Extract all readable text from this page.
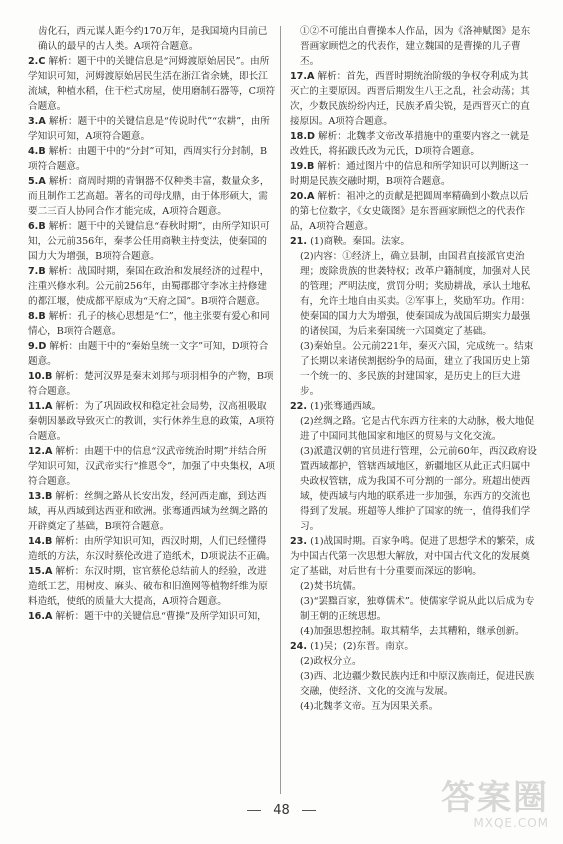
齿化石，西元谋人距今约170万年，是我国境内目前已确认的最早的古人类。A项符合题意。

2.C 解析：题干中的关键信息是“河姆渡原始居民”。由所学知识可知，河姆渡原始居民生活在浙江省余姚，即长江流域，种植水稻，住干栏式房屋，使用磨制石器等，C项符合题意。

3.A 解析：题干中的关键信息是“传说时代”“农耕”，由所学知识可知，A项符合题意。

4.B 解析：由题干中的“分封”可知，西周实行分封制，B项符合题意。

5.A 解析：商周时期的青铜器不仅种类丰富，数量众多，而且制作工艺高超。著名的司母戊鼎，由于体形硕大，需要二三百人协同合作才能完成，A项符合题意。

6.B 解析：题干中的关键信息“春秋时期”，由所学知识可知，公元前356年，秦孝公任用商鞅主持变法，使秦国的国力大为增强，B项符合题意。

7.B 解析：战国时期，秦国在政治和发展经济的过程中，注重兴修水利。公元前256年，由蜀郡郡守李冰主持修建的都江堰，使成都平原成为“天府之国”。B项符合题意。

8.B 解析：孔子的核心思想是“仁”，他主张要有爱心和同情心，B项符合题意。

9.D 解析：由题干中的“秦始皇统一文字”可知，D项符合题意。

10.B 解析：楚河汉界是秦末刘邦与项羽相争的产物，B项符合题意。

11.A 解析：为了巩固政权和稳定社会局势，汉高祖吸取秦朝因暴政导致灭亡的教训，实行休养生息的政策，A项符合题意。

12.A 解析：由题干中的信息“汉武帝统治时期”并结合所学知识可知，汉武帝实行“推恩令”，加强了中央集权，A项符合题意。

13.B 解析：丝绸之路从长安出发，经河西走廊，到达西域，再从西域到达西亚和欧洲。张骞通西域为丝绸之路的开辟奠定了基础，B项符合题意。

14.B 解析：由所学知识可知，西汉时期，人们已经懂得造纸的方法，东汉时蔡伦改进了造纸术，D项说法不正确。

15.A 解析：东汉时期，宦官蔡伦总结前人的经验，改进造纸工艺，用树皮、麻头、破布和旧渔网等植物纤维为原料造纸，使纸的质量大大提高，A项符合题意。

16.A 解析：题干中的关键信息“曹操”及所学知识可知，

①②不可能出自曹操本人作品，因为《洛神赋图》是东晋画家顾恺之的代表作，建立魏国的是曹操的儿子曹丕。

17.A 解析：首先，西晋时期统治阶级的争权夺利成为其灭亡的主要原因。西晋后期发生八王之乱，社会动荡；其次，少数民族纷纷内迁，民族矛盾尖锐，是西晋灭亡的直接原因。A项符合题意。

18.D 解析：北魏孝文帝改革措施中的重要内容之一就是改姓氏，将拓跋氏改为元氏，D项符合题意。

19.B 解析：通过图片中的信息和所学知识可以判断这一时期是民族交融时期，B项符合题意。

20.A 解析：祖冲之的贡献是把圆周率精确到小数点以后的第七位数字，《女史箴图》是东晋画家顾恺之的代表作品，A项符合题意。

21. (1)商鞅。秦国。法家。

(2)内容：①经济上，确立县制，由国君直接派官吏治理；废除贵族的世袭特权；改革户籍制度，加强对人民的管理；严明法度，赏罚分明；奖励耕战，承认土地私有，允许土地自由买卖。②军事上，奖励军功。作用：使秦国的国力大为增强，使秦国成为战国后期实力最强的诸侯国，为后来秦国统一六国奠定了基础。

(3)秦始皇。公元前221年，秦灭六国，完成统一。结束了长期以来诸侯割据纷争的局面，建立了我国历史上第一个统一的、多民族的封建国家，是历史上的巨大进步。

22. (1)张骞通西域。

(2)丝绸之路。它是古代东西方往来的大动脉，极大地促进了中国同其他国家和地区的贸易与文化交流。

(3)派遣汉朝的官员进行管理，公元前60年，西汉政府设置西域都护，管辖西域地区，新疆地区从此正式归属中央政权管辖，成为我国不可分割的一部分。班超出使西域，使西域与内地的联系进一步加强，东西方的交流也得到了发展。班超等人维护了国家的统一，值得我们学习。

23. (1)战国时期。百家争鸣。促进了思想学术的繁荣，成为中国古代第一次思想大解放，对中国古代文化的发展奠定了基础，对后世有十分重要而深远的影响。

(2)焚书坑儒。

(3)“罢黜百家，独尊儒术”。使儒家学说从此以后成为专制王朝的正统思想。

(4)加强思想控制。取其精华，去其糟粕，继承创新。

24. (1)吴；(2)东晋。南京。

(2)政权分立。

(3)西、北边疆少数民族内迁和中原汉族南迁，促进民族交融，使经济、文化的交流与发展。

(4)北魏孝文帝。互为因果关系。

48	答案圈
MXQE.COM
